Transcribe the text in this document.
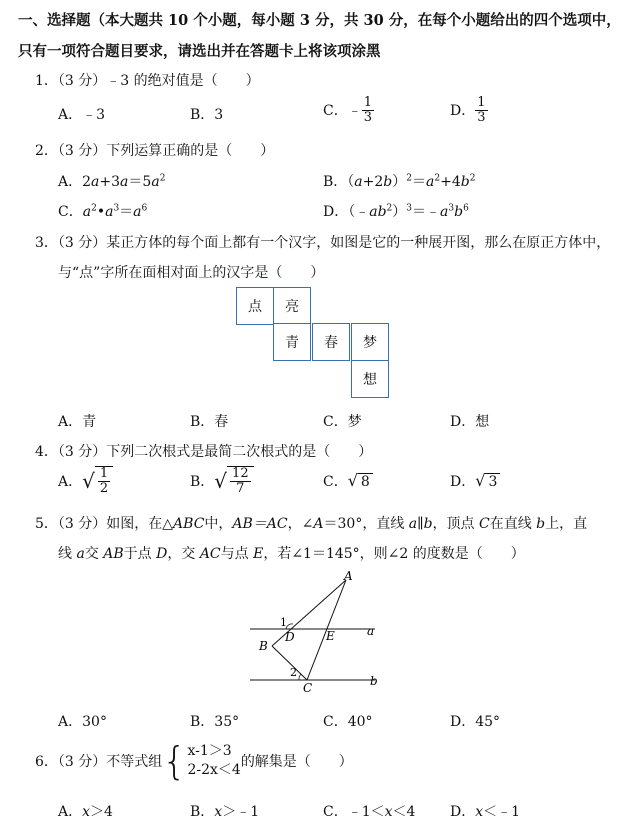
一、选择题（本大题共 10 个小题，每小题 3 分，共 30 分，在每个小题给出的四个选项中，
只有一项符合题目要求，请选出并在答题卡上将该项涂黑
1．（3 分）﹣3 的绝对值是（　　）
A．﹣3	B．3	C． ﹣ $\frac{1}{3}$	D． $\frac{1}{3}$
2．（3 分）下列运算正确的是（　　）
A．$2a+3a=5a^2$	B．$(a+2b)^2=a^2+4b^2$
C．$a^2•a^3=a^6$	D．$(﹣ab^2)^3=﹣a^3b^6$
3．（3 分）某正方体的每个面上都有一个汉字，如图是它的一种展开图，那么在原正方体中，
与“点”字所在面相对面上的汉字是（　　）
点	亮
青	春	梦
想
A．青	B．春	C．梦	D．想
4．（3 分）下列二次根式是最简二次根式的是（　　）
A． √ $\frac{1}{2}$	B． √ $\frac{12}{7}$	C． √ 8	D． √ 3
5．（3 分）如图，在△ABC中，AB＝AC，∠A＝30°，直线 a∥b，顶点 C在直线 b上，直
线 a交 AB于点 D，交 AC与点 E，若∠1＝145°，则∠2 的度数是（　　）
A
B
C
D	E	a
b
1
2
A．30°	B．35°	C．40°	D．45°
6．（3 分）不等式组 { x-1＞3
2-2x＜4 的解集是（　　）
A．x＞4	B．x＞﹣1	C．﹣1＜x＜4 D．x＜﹣1
